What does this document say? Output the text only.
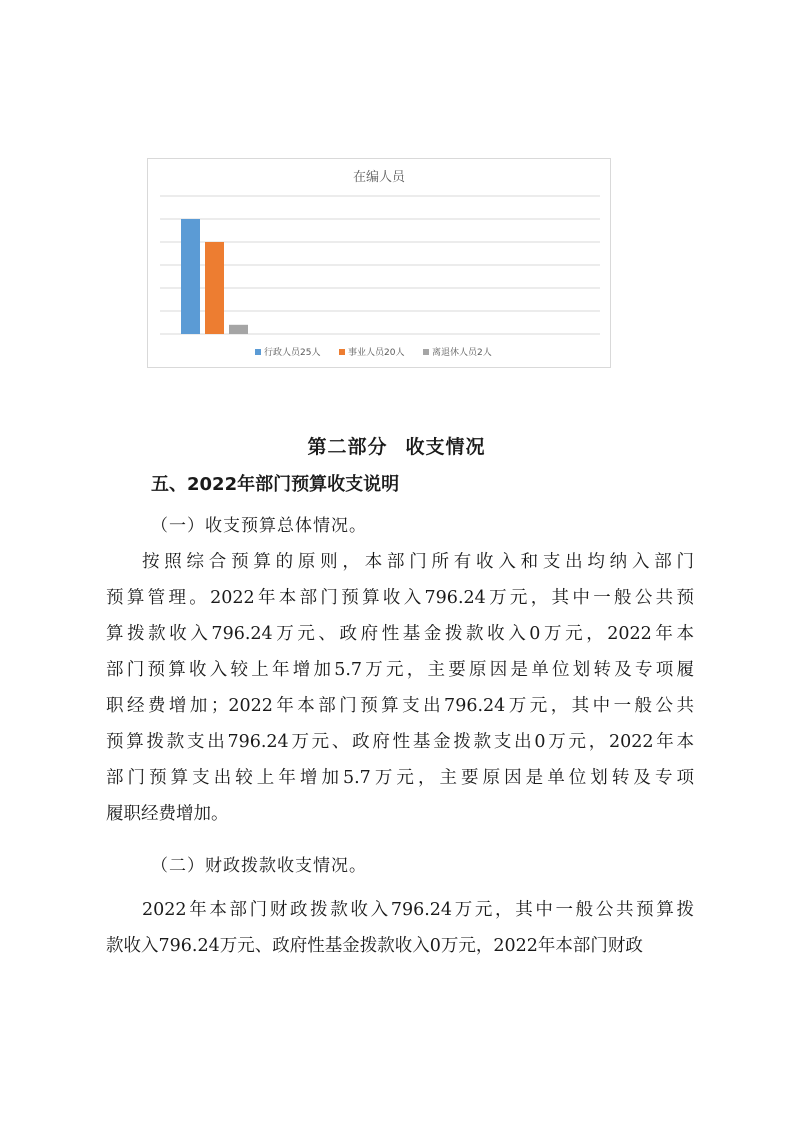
在编人员
行政人员25人	事业人员20人	离退休人员2人
第二部分 收支情况
五、2022年部门预算收支说明
（一）收支预算总体情况。
按照综合预算的原则，本部门所有收入和支出均纳入部门
预算管理。2022年本部门预算收入796.24万元，其中一般公共预
算拨款收入796.24万元、政府性基金拨款收入0万元，2022年本
部门预算收入较上年增加5.7万元，主要原因是单位划转及专项履
职经费增加；2022年本部门预算支出796.24万元，其中一般公共
预算拨款支出796.24万元、政府性基金拨款支出0万元，2022年本
部门预算支出较上年增加5.7万元，主要原因是单位划转及专项
履职经费增加。
（二）财政拨款收支情况。
2022年本部门财政拨款收入796.24万元，其中一般公共预算拨
款收入796.24万元、政府性基金拨款收入0万元，2022年本部门财政
